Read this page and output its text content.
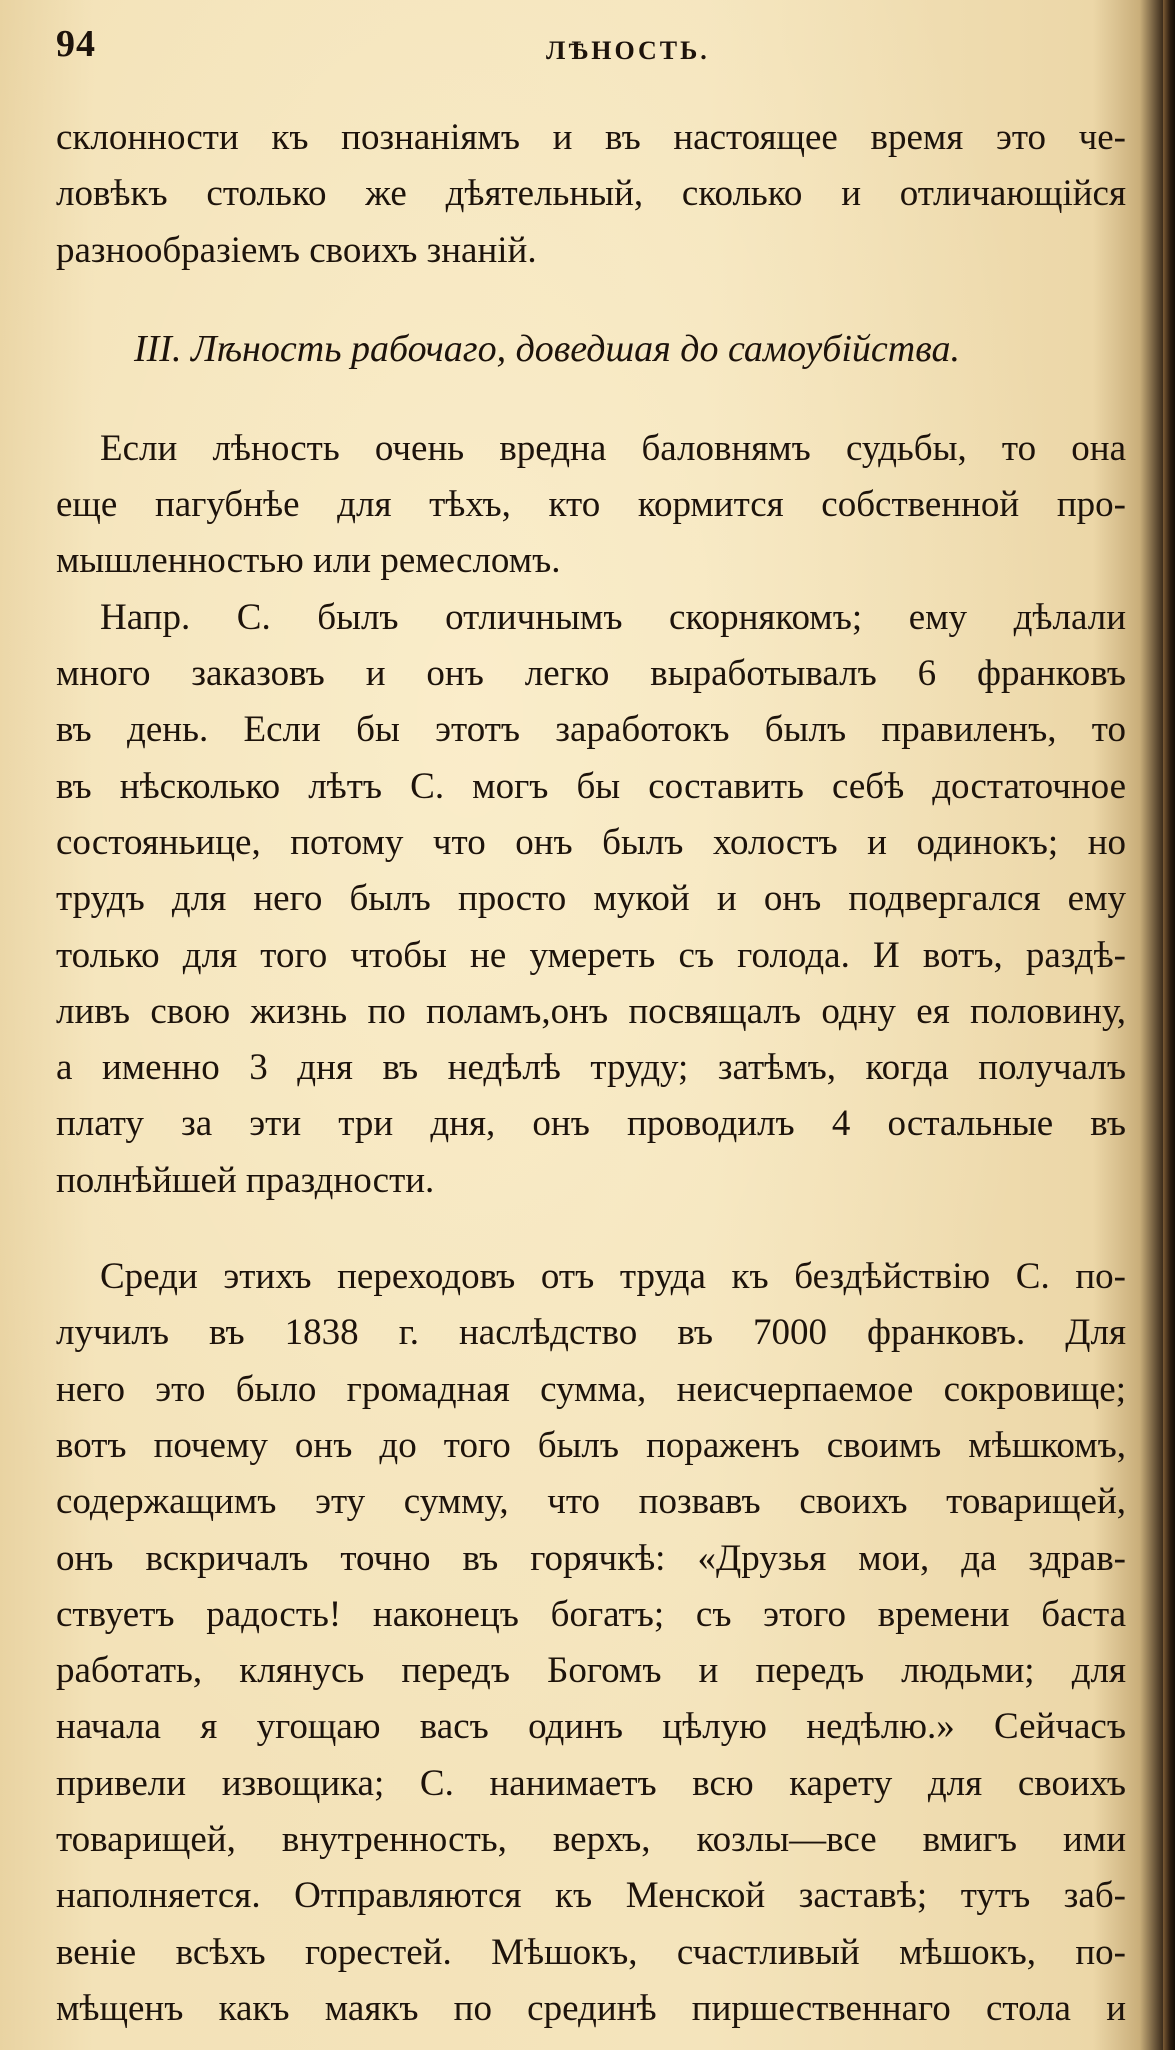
94	ЛѢНОСТЬ.
склонности къ познаніямъ и въ настоящее время это че-
ловѣкъ столько же дѣятельный, сколько и отличающійся
разнообразіемъ своихъ знаній.
III. Лѣность рабочаго, доведшая до самоубійства.
Если лѣность очень вредна баловнямъ судьбы, то она
еще пагубнѣе для тѣхъ, кто кормится собственной про-
мышленностью или ремесломъ.
Напр. С. былъ отличнымъ скорнякомъ; ему дѣлали
много заказовъ и онъ легко выработывалъ 6 франковъ
въ день. Если бы этотъ заработокъ былъ правиленъ, то
въ нѣсколько лѣтъ С. могъ бы составить себѣ достаточное
состояньице, потому что онъ былъ холостъ и одинокъ; но
трудъ для него былъ просто мукой и онъ подвергался ему
только для того чтобы не умереть съ голода. И вотъ, раздѣ-
ливъ свою жизнь по поламъ,онъ посвящалъ одну ея половину,
а именно 3 дня въ недѣлѣ труду; затѣмъ, когда получалъ
плату за эти три дня, онъ проводилъ 4 остальные въ
полнѣйшей праздности.
Среди этихъ переходовъ отъ труда къ бездѣйствію С. по-
лучилъ въ 1838 г. наслѣдство въ 7000 франковъ. Для
него это было громадная сумма, неисчерпаемое сокровище;
вотъ почему онъ до того былъ пораженъ своимъ мѣшкомъ,
содержащимъ эту сумму, что позвавъ своихъ товарищей,
онъ вскричалъ точно въ горячкѣ: «Друзья мои, да здрав-
ствуетъ радость! наконецъ богатъ; съ этого времени баста
работать, клянусь передъ Богомъ и передъ людьми; для
начала я угощаю васъ одинъ цѣлую недѣлю.» Сейчасъ
привели извощика; С. нанимаетъ всю карету для своихъ
товарищей, внутренность, верхъ, козлы—все вмигъ ими
наполняется. Отправляются къ Менской заставѣ; тутъ заб-
веніе всѣхъ горестей. Мѣшокъ, счастливый мѣшокъ, по-
мѣщенъ какъ маякъ по срединѣ пиршественнаго стола и
